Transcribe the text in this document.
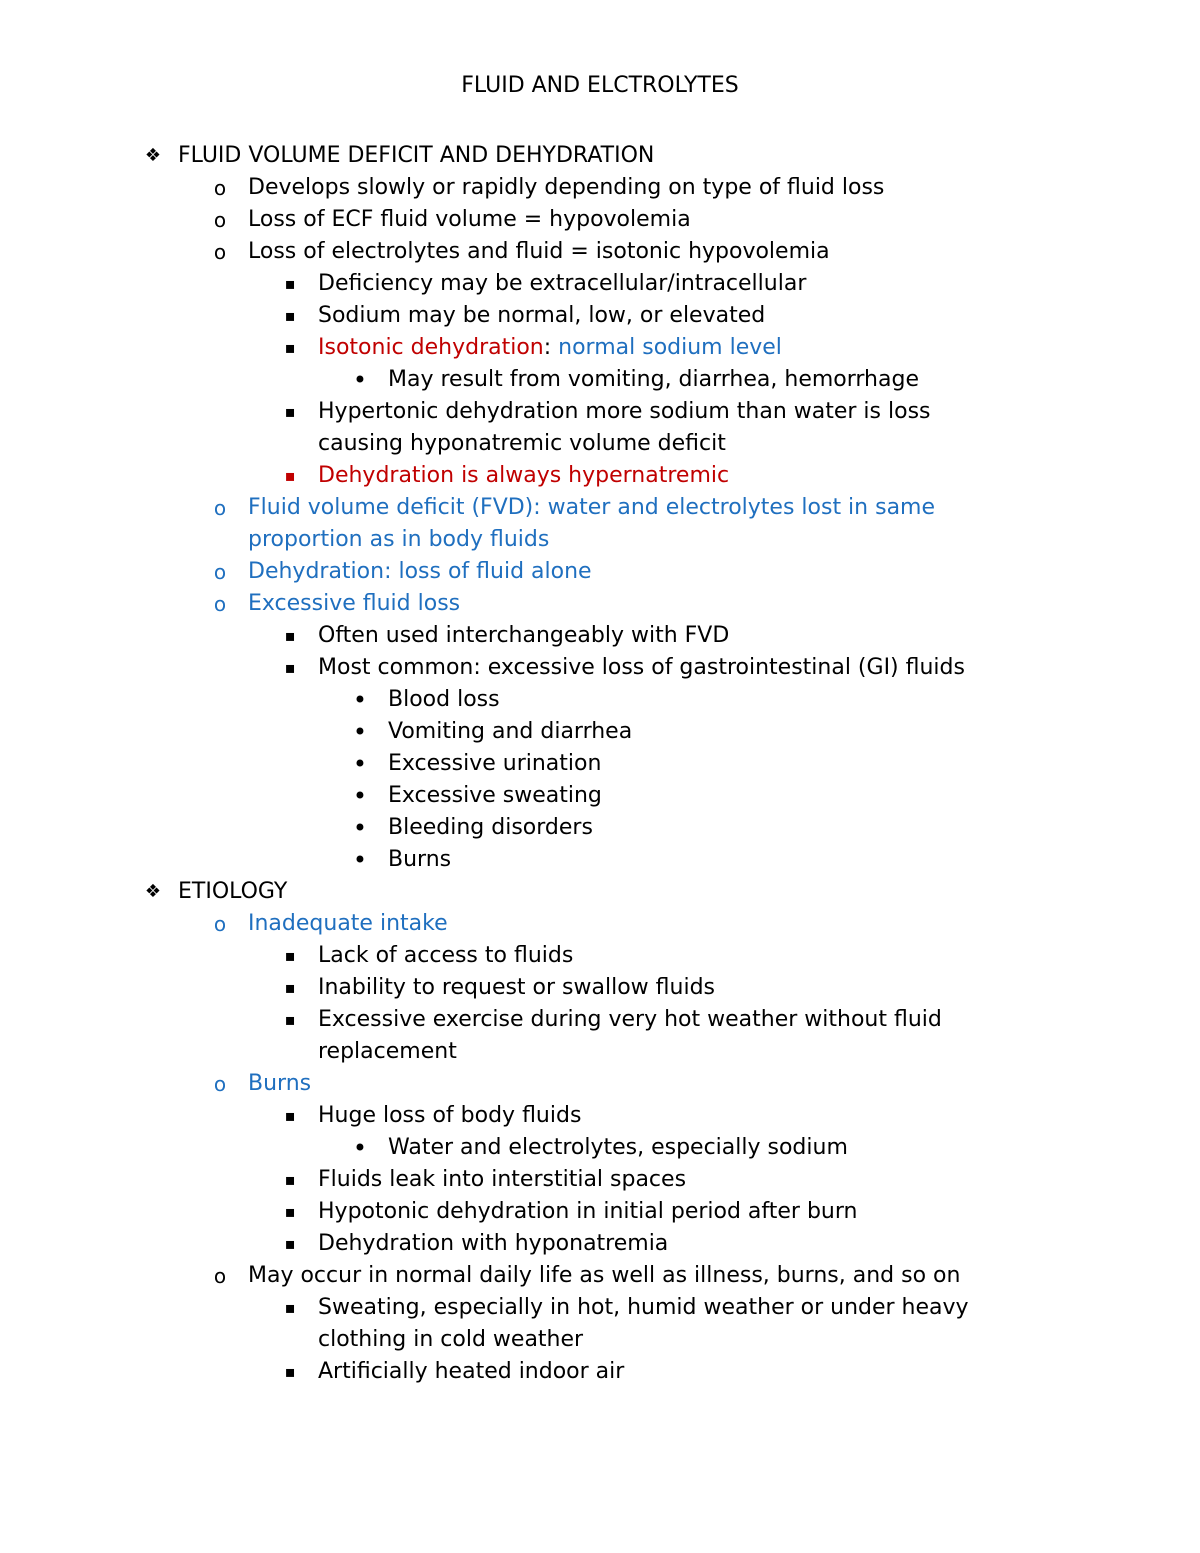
FLUID AND ELCTROLYTES
❖ FLUID VOLUME DEFICIT AND DEHYDRATION
o Develops slowly or rapidly depending on type of fluid loss
o Loss of ECF fluid volume = hypovolemia
o Loss of electrolytes and fluid = isotonic hypovolemia
▪	Deficiency may be extracellular/intracellular
▪	Sodium may be normal, low, or elevated
▪	Isotonic dehydration: normal sodium level
• May result from vomiting, diarrhea, hemorrhage
▪	Hypertonic dehydration more sodium than water is loss causing hyponatremic volume deficit
▪	Dehydration is always hypernatremic
o Fluid volume deficit (FVD): water and electrolytes lost in same proportion as in body fluids
o Dehydration: loss of fluid alone
o Excessive fluid loss
▪	Often used interchangeably with FVD
▪	Most common: excessive loss of gastrointestinal (GI) fluids
• Blood loss
• Vomiting and diarrhea
• Excessive urination
• Excessive sweating
• Bleeding disorders
• Burns
❖ ETIOLOGY
o Inadequate intake
▪	Lack of access to fluids
▪	Inability to request or swallow fluids
▪	Excessive exercise during very hot weather without fluid replacement
o Burns
▪	Huge loss of body fluids
• Water and electrolytes, especially sodium
▪	Fluids leak into interstitial spaces
▪	Hypotonic dehydration in initial period after burn
▪	Dehydration with hyponatremia
o May occur in normal daily life as well as illness, burns, and so on
▪	Sweating, especially in hot, humid weather or under heavy clothing in cold weather
▪	Artificially heated indoor air
